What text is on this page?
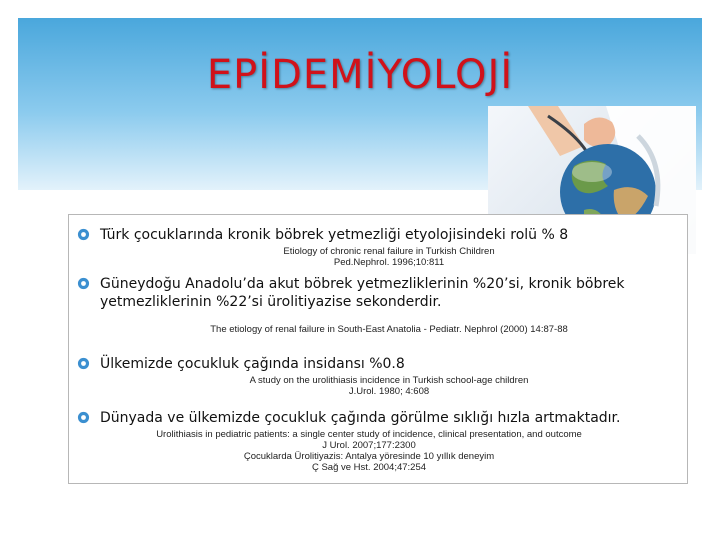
EPİDEMİYOLOJİ
Türk çocuklarında kronik böbrek yetmezliği etyolojisindeki rolü % 8
Etiology of chronic renal failure in Turkish Children
Ped.Nephrol. 1996;10:811
Güneydoğu Anadolu’da akut böbrek yetmezliklerinin %20’si, kronik böbrek
yetmezliklerinin %22’si ürolitiyazise sekonderdir.
The etiology of renal failure in South-East Anatolia - Pediatr. Nephrol (2000) 14:87-88
Ülkemizde çocukluk çağında insidansı %0.8
A study on the urolithiasis incidence in Turkish school-age children
J.Urol. 1980; 4:608
Dünyada ve ülkemizde çocukluk çağında görülme sıklığı hızla artmaktadır.
Urolithiasis in pediatric patients: a single center study of incidence, clinical presentation, and outcome
J Urol. 2007;177:2300
Çocuklarda Ürolitiyazis: Antalya yöresinde 10 yıllık deneyim
Ç Sağ ve Hst. 2004;47:254
